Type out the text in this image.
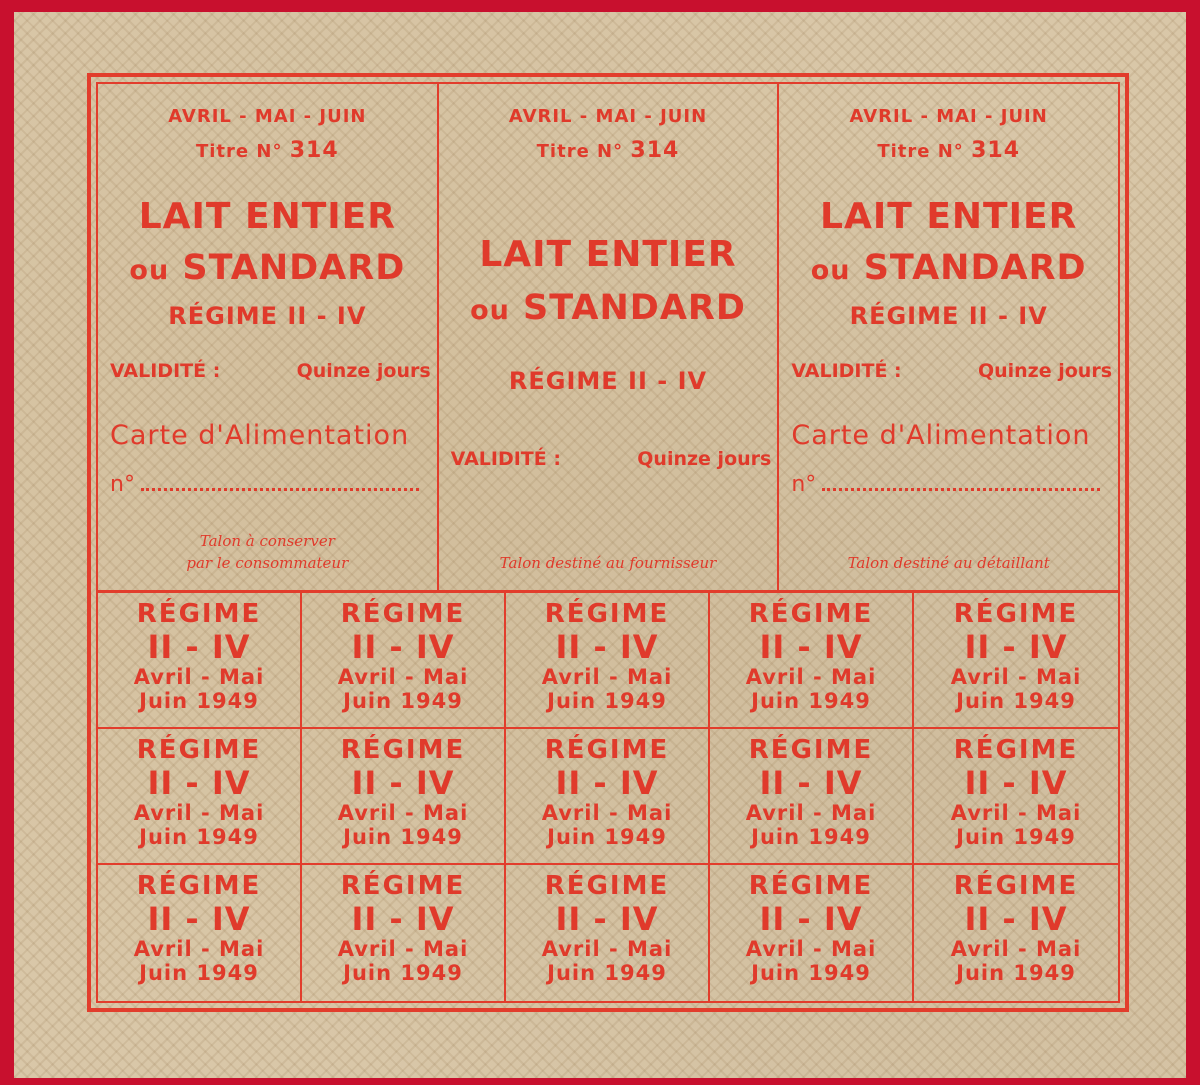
AVRIL - MAI - JUIN
Titre N° 314
LAIT ENTIER
ou STANDARD
RÉGIME II - IV
VALIDITÉ :	Quinze jours
Carte d'Alimentation
n°
Talon à conserver
par le consommateur
AVRIL - MAI - JUIN
Titre N° 314
LAIT ENTIER
ou STANDARD
RÉGIME II - IV
VALIDITÉ :	Quinze jours
Talon destiné au fournisseur
AVRIL - MAI - JUIN
Titre N° 314
LAIT ENTIER
ou STANDARD
RÉGIME II - IV
VALIDITÉ :	Quinze jours
Carte d'Alimentation
n°
Talon destiné au détaillant
RÉGIME
II - IV
Avril - Mai
Juin 1949
RÉGIME
II - IV
Avril - Mai
Juin 1949
RÉGIME
II - IV
Avril - Mai
Juin 1949
RÉGIME
II - IV
Avril - Mai
Juin 1949
RÉGIME
II - IV
Avril - Mai
Juin 1949
RÉGIME
II - IV
Avril - Mai
Juin 1949
RÉGIME
II - IV
Avril - Mai
Juin 1949
RÉGIME
II - IV
Avril - Mai
Juin 1949
RÉGIME
II - IV
Avril - Mai
Juin 1949
RÉGIME
II - IV
Avril - Mai
Juin 1949
RÉGIME
II - IV
Avril - Mai
Juin 1949
RÉGIME
II - IV
Avril - Mai
Juin 1949
RÉGIME
II - IV
Avril - Mai
Juin 1949
RÉGIME
II - IV
Avril - Mai
Juin 1949
RÉGIME
II - IV
Avril - Mai
Juin 1949
